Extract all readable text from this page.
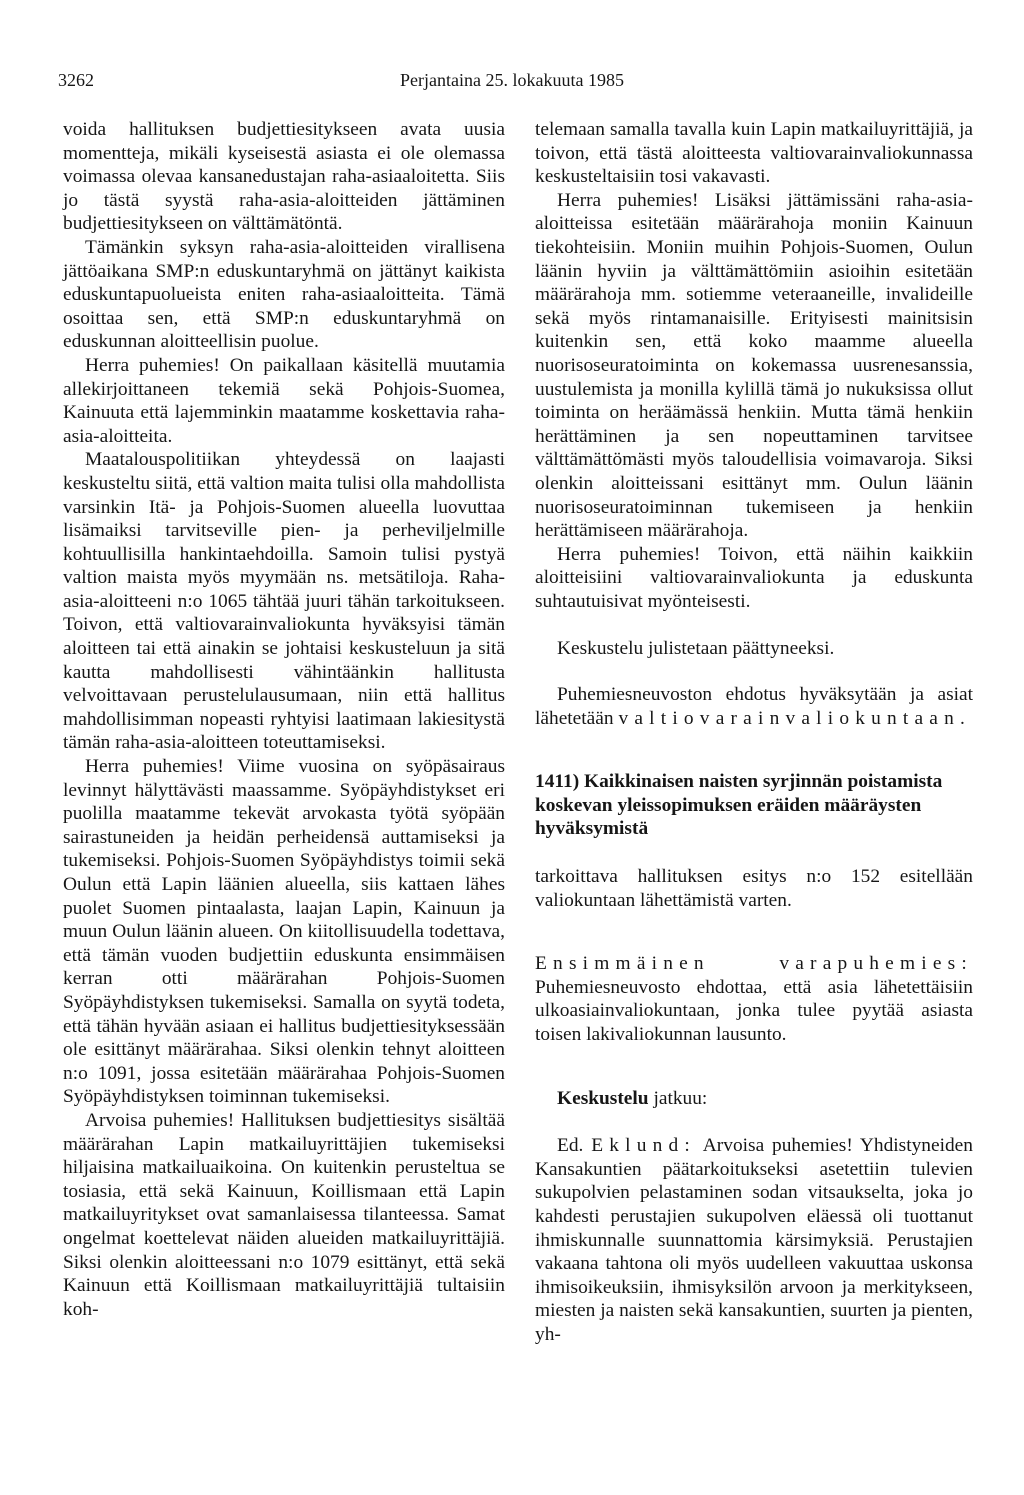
3262	Perjantaina 25. lokakuuta 1985

voida hallituksen budjettiesitykseen avata uusia momentteja, mikäli kyseisestä asiasta ei ole olemassa voimassa olevaa kansanedustajan raha-asiaaloitetta. Siis jo tästä syystä raha-asia-aloitteiden jättäminen budjettiesitykseen on välttämätöntä.

Tämänkin syksyn raha-asia-aloitteiden virallisena jättöaikana SMP:n eduskuntaryhmä on jättänyt kaikista eduskuntapuolueista eniten raha-asiaaloitteita. Tämä osoittaa sen, että SMP:n eduskuntaryhmä on eduskunnan aloitteellisin puolue.

Herra puhemies! On paikallaan käsitellä muutamia allekirjoittaneen tekemiä sekä Pohjois-Suomea, Kainuuta että lajemminkin maatamme koskettavia raha-asia-aloitteita.

Maatalouspolitiikan yhteydessä on laajasti keskusteltu siitä, että valtion maita tulisi olla mahdollista varsinkin Itä- ja Pohjois-Suomen alueella luovuttaa lisämaiksi tarvitseville pien- ja perheviljelmille kohtuullisilla hankintaehdoilla. Samoin tulisi pystyä valtion maista myös myymään ns. metsätiloja. Raha-asia-aloitteeni n:o 1065 tähtää juuri tähän tarkoitukseen. Toivon, että valtiovarainvaliokunta hyväksyisi tämän aloitteen tai että ainakin se johtaisi keskusteluun ja sitä kautta mahdollisesti vähintäänkin hallitusta velvoittavaan perustelulausumaan, niin että hallitus mahdollisimman nopeasti ryhtyisi laatimaan lakiesitystä tämän raha-asia-aloitteen toteuttamiseksi.

Herra puhemies! Viime vuosina on syöpäsairaus levinnyt hälyttävästi maassamme. Syöpäyhdistykset eri puolilla maatamme tekevät arvokasta työtä syöpään sairastuneiden ja heidän perheidensä auttamiseksi ja tukemiseksi. Pohjois-Suomen Syöpäyhdistys toimii sekä Oulun että Lapin läänien alueella, siis kattaen lähes puolet Suomen pintaalasta, laajan Lapin, Kainuun ja muun Oulun läänin alueen. On kiitollisuudella todettava, että tämän vuoden budjettiin eduskunta ensimmäisen kerran otti määrärahan Pohjois-Suomen Syöpäyhdistyksen tukemiseksi. Samalla on syytä todeta, että tähän hyvään asiaan ei hallitus budjettiesityksessään ole esittänyt määrärahaa. Siksi olenkin tehnyt aloitteen n:o 1091, jossa esitetään määrärahaa Pohjois-Suomen Syöpäyhdistyksen toiminnan tukemiseksi.

Arvoisa puhemies! Hallituksen budjettiesitys sisältää määrärahan Lapin matkailuyrittäjien tukemiseksi hiljaisina matkailuaikoina. On kuitenkin perusteltua se tosiasia, että sekä Kainuun, Koillismaan että Lapin matkailuyritykset ovat samanlaisessa tilanteessa. Samat ongelmat koettelevat näiden alueiden matkailuyrittäjiä. Siksi olenkin aloitteessani n:o 1079 esittänyt, että sekä Kainuun että Koillismaan matkailuyrittäjiä tultaisiin koh-

telemaan samalla tavalla kuin Lapin matkailuyrittäjiä, ja toivon, että tästä aloitteesta valtiovarainvaliokunnassa keskusteltaisiin tosi vakavasti.

Herra puhemies! Lisäksi jättämissäni raha-asiaaloitteissa esitetään määrärahoja moniin Kainuun tiekohteisiin. Moniin muihin Pohjois-Suomen, Oulun läänin hyviin ja välttämättömiin asioihin esitetään määrärahoja mm. sotiemme veteraaneille, invalideille sekä myös rintamanaisille. Erityisesti mainitsisin kuitenkin sen, että koko maamme alueella nuorisoseuratoiminta on kokemassa uusrenesanssia, uustulemista ja monilla kylillä tämä jo nukuksissa ollut toiminta on heräämässä henkiin. Mutta tämä henkiin herättäminen ja sen nopeuttaminen tarvitsee välttämättömästi myös taloudellisia voimavaroja. Siksi olenkin aloitteissani esittänyt mm. Oulun läänin nuorisoseuratoiminnan tukemiseen ja henkiin herättämiseen määrärahoja.

Herra puhemies! Toivon, että näihin kaikkiin aloitteisiini valtiovarainvaliokunta ja eduskunta suhtautuisivat myönteisesti.

Keskustelu julistetaan päättyneeksi.

Puhemiesneuvoston ehdotus hyväksytään ja asiat lähetetään valtiovarainvaliokuntaan.

1411) Kaikkinaisen naisten syrjinnän poistamista koskevan yleissopimuksen eräiden määräysten hyväksymistä

tarkoittava hallituksen esitys n:o 152 esitellään valiokuntaan lähettämistä varten.

Ensimmäinen varapuhemies: Puhemiesneuvosto ehdottaa, että asia lähetettäisiin ulkoasiainvaliokuntaan, jonka tulee pyytää asiasta toisen lakivaliokunnan lausunto.

Keskustelu jatkuu:

Ed. Eklund: Arvoisa puhemies! Yhdistyneiden Kansakuntien päätarkoitukseksi asetettiin tulevien sukupolvien pelastaminen sodan vitsaukselta, joka jo kahdesti perustajien sukupolven eläessä oli tuottanut ihmiskunnalle suunnattomia kärsimyksiä. Perustajien vakaana tahtona oli myös uudelleen vakuuttaa uskonsa ihmisoikeuksiin, ihmisyksilön arvoon ja merkitykseen, miesten ja naisten sekä kansakuntien, suurten ja pienten, yh-
